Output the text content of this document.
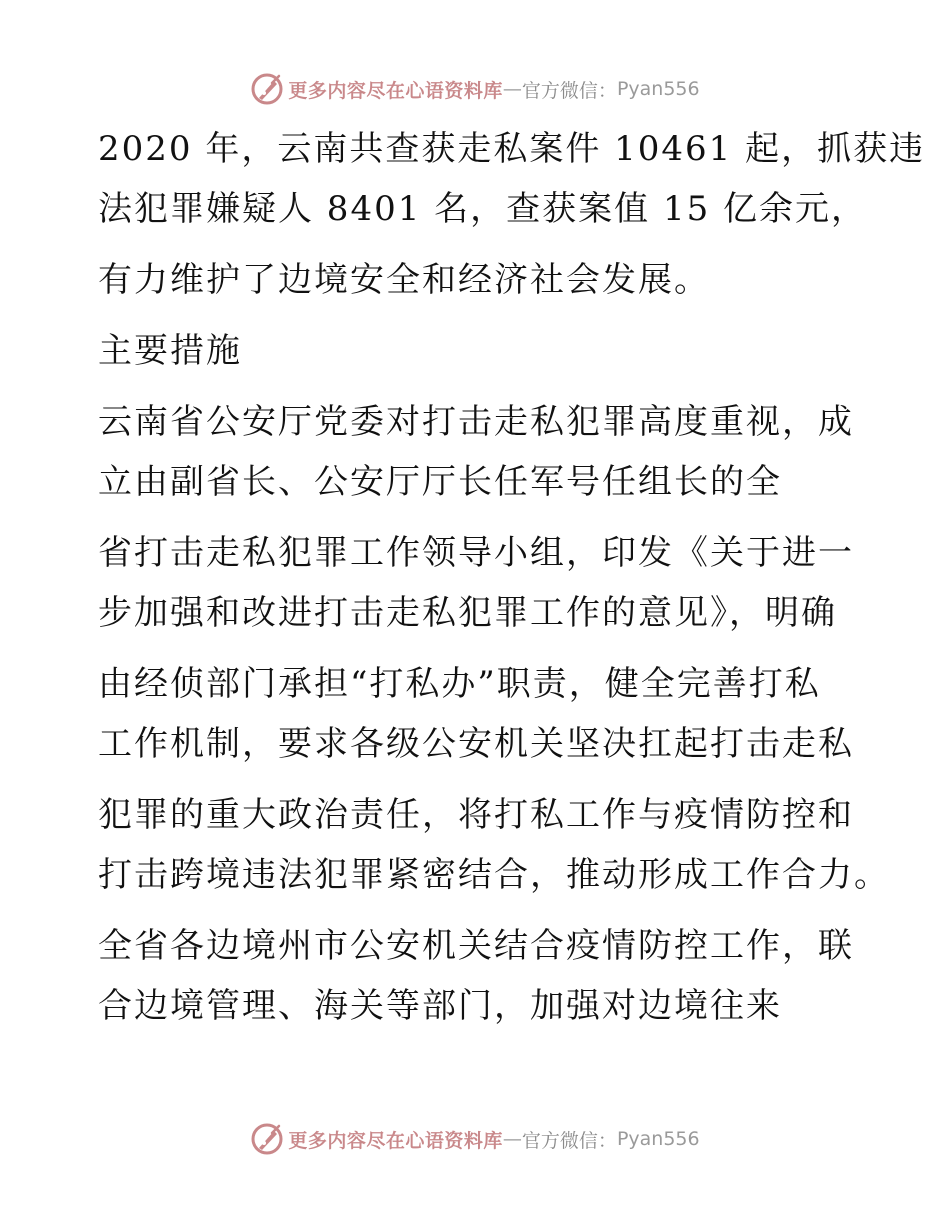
更多内容尽在心语资料库 — 官方微信： Pyan556
2020 年，云南共查获走私案件 10461 起，抓获违
法犯罪嫌疑人 8401 名，查获案值 15 亿余元，
有力维护了边境安全和经济社会发展。
主要措施
云南省公安厅党委对打击走私犯罪高度重视，成
立由副省长、公安厅厅长任军号任组长的全
省打击走私犯罪工作领导小组，印发《关于进一
步加强和改进打击走私犯罪工作的意见》，明确
由经侦部门承担“打私办”职责，健全完善打私
工作机制，要求各级公安机关坚决扛起打击走私
犯罪的重大政治责任，将打私工作与疫情防控和
打击跨境违法犯罪紧密结合，推动形成工作合力。
全省各边境州市公安机关结合疫情防控工作，联
合边境管理、海关等部门，加强对边境往来
更多内容尽在心语资料库 — 官方微信： Pyan556
